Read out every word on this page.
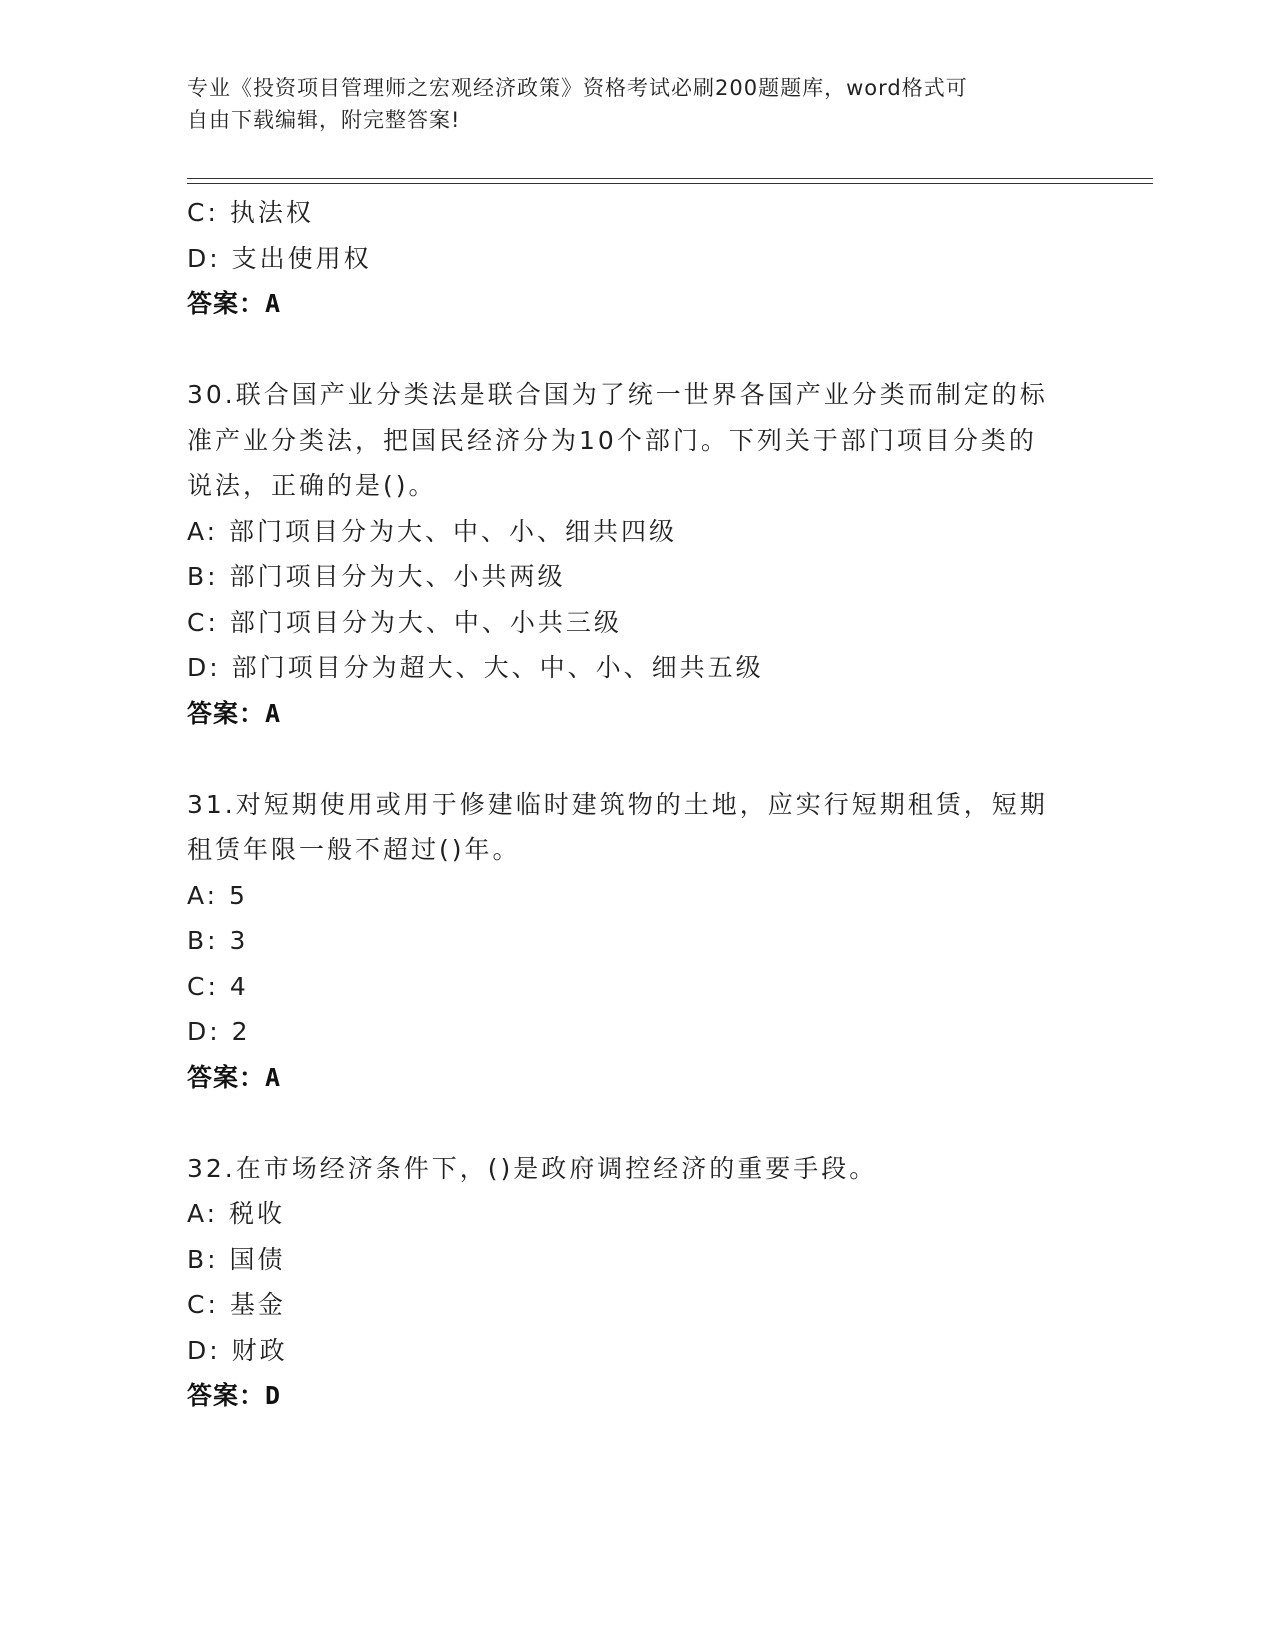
专业《投资项目管理师之宏观经济政策》资格考试必刷200题题库，word格式可
自由下载编辑，附完整答案!
C: 执法权
D: 支出使用权
答案：A
30.联合国产业分类法是联合国为了统一世界各国产业分类而制定的标
准产业分类法，把国民经济分为10个部门。下列关于部门项目分类的
说法，正确的是()。
A: 部门项目分为大、中、小、细共四级
B: 部门项目分为大、小共两级
C: 部门项目分为大、中、小共三级
D: 部门项目分为超大、大、中、小、细共五级
答案：A
31.对短期使用或用于修建临时建筑物的土地，应实行短期租赁，短期
租赁年限一般不超过()年。
A: 5
B: 3
C: 4
D: 2
答案：A
32.在市场经济条件下，()是政府调控经济的重要手段。
A: 税收
B: 国债
C: 基金
D: 财政
答案：D
